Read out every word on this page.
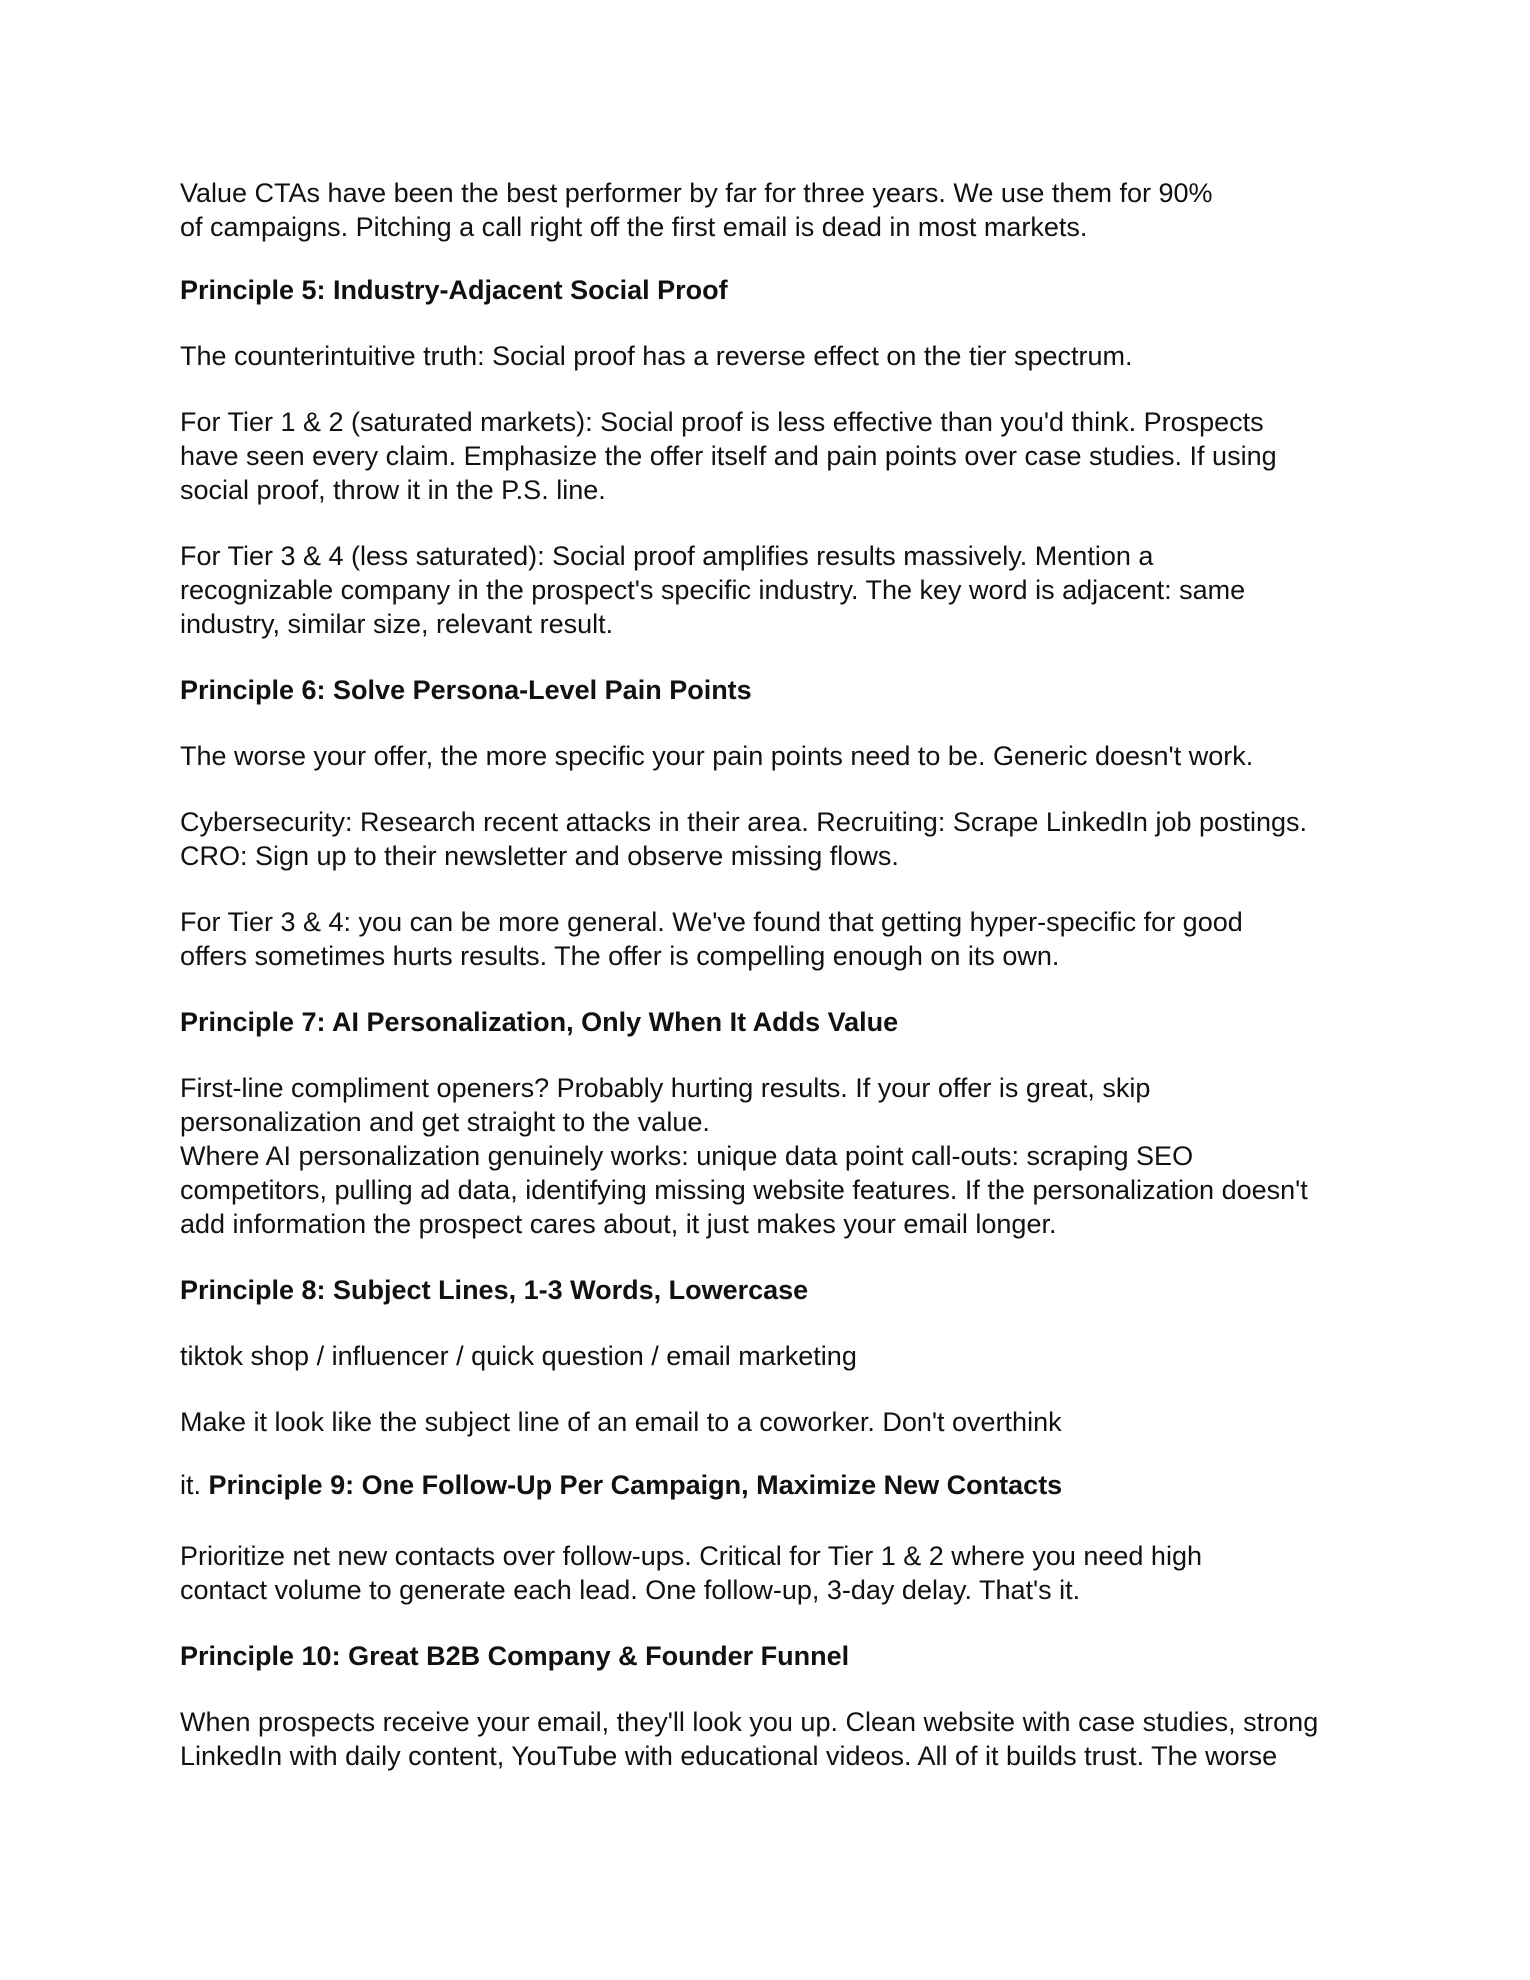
Value CTAs have been the best performer by far for three years. We use them for 90%

of campaigns. Pitching a call right off the first email is dead in most markets.

Principle 5: Industry-Adjacent Social Proof

The counterintuitive truth: Social proof has a reverse effect on the tier spectrum.

For Tier 1 & 2 (saturated markets): Social proof is less effective than you'd think. Prospects

have seen every claim. Emphasize the offer itself and pain points over case studies. If using

social proof, throw it in the P.S. line.

For Tier 3 & 4 (less saturated): Social proof amplifies results massively. Mention a

recognizable company in the prospect's specific industry. The key word is adjacent: same

industry, similar size, relevant result.

Principle 6: Solve Persona-Level Pain Points

The worse your offer, the more specific your pain points need to be. Generic doesn't work.

Cybersecurity: Research recent attacks in their area. Recruiting: Scrape LinkedIn job postings.

CRO: Sign up to their newsletter and observe missing flows.

For Tier 3 & 4: you can be more general. We've found that getting hyper-specific for good

offers sometimes hurts results. The offer is compelling enough on its own.

Principle 7: AI Personalization, Only When It Adds Value

First-line compliment openers? Probably hurting results. If your offer is great, skip

personalization and get straight to the value.

Where AI personalization genuinely works: unique data point call-outs: scraping SEO

competitors, pulling ad data, identifying missing website features. If the personalization doesn't

add information the prospect cares about, it just makes your email longer.

Principle 8: Subject Lines, 1-3 Words, Lowercase

tiktok shop / influencer / quick question / email marketing

Make it look like the subject line of an email to a coworker. Don't overthink

it. Principle 9: One Follow-Up Per Campaign, Maximize New Contacts

Prioritize net new contacts over follow-ups. Critical for Tier 1 & 2 where you need high

contact volume to generate each lead. One follow-up, 3-day delay. That's it.

Principle 10: Great B2B Company & Founder Funnel

When prospects receive your email, they'll look you up. Clean website with case studies, strong

LinkedIn with daily content, YouTube with educational videos. All of it builds trust. The worse
